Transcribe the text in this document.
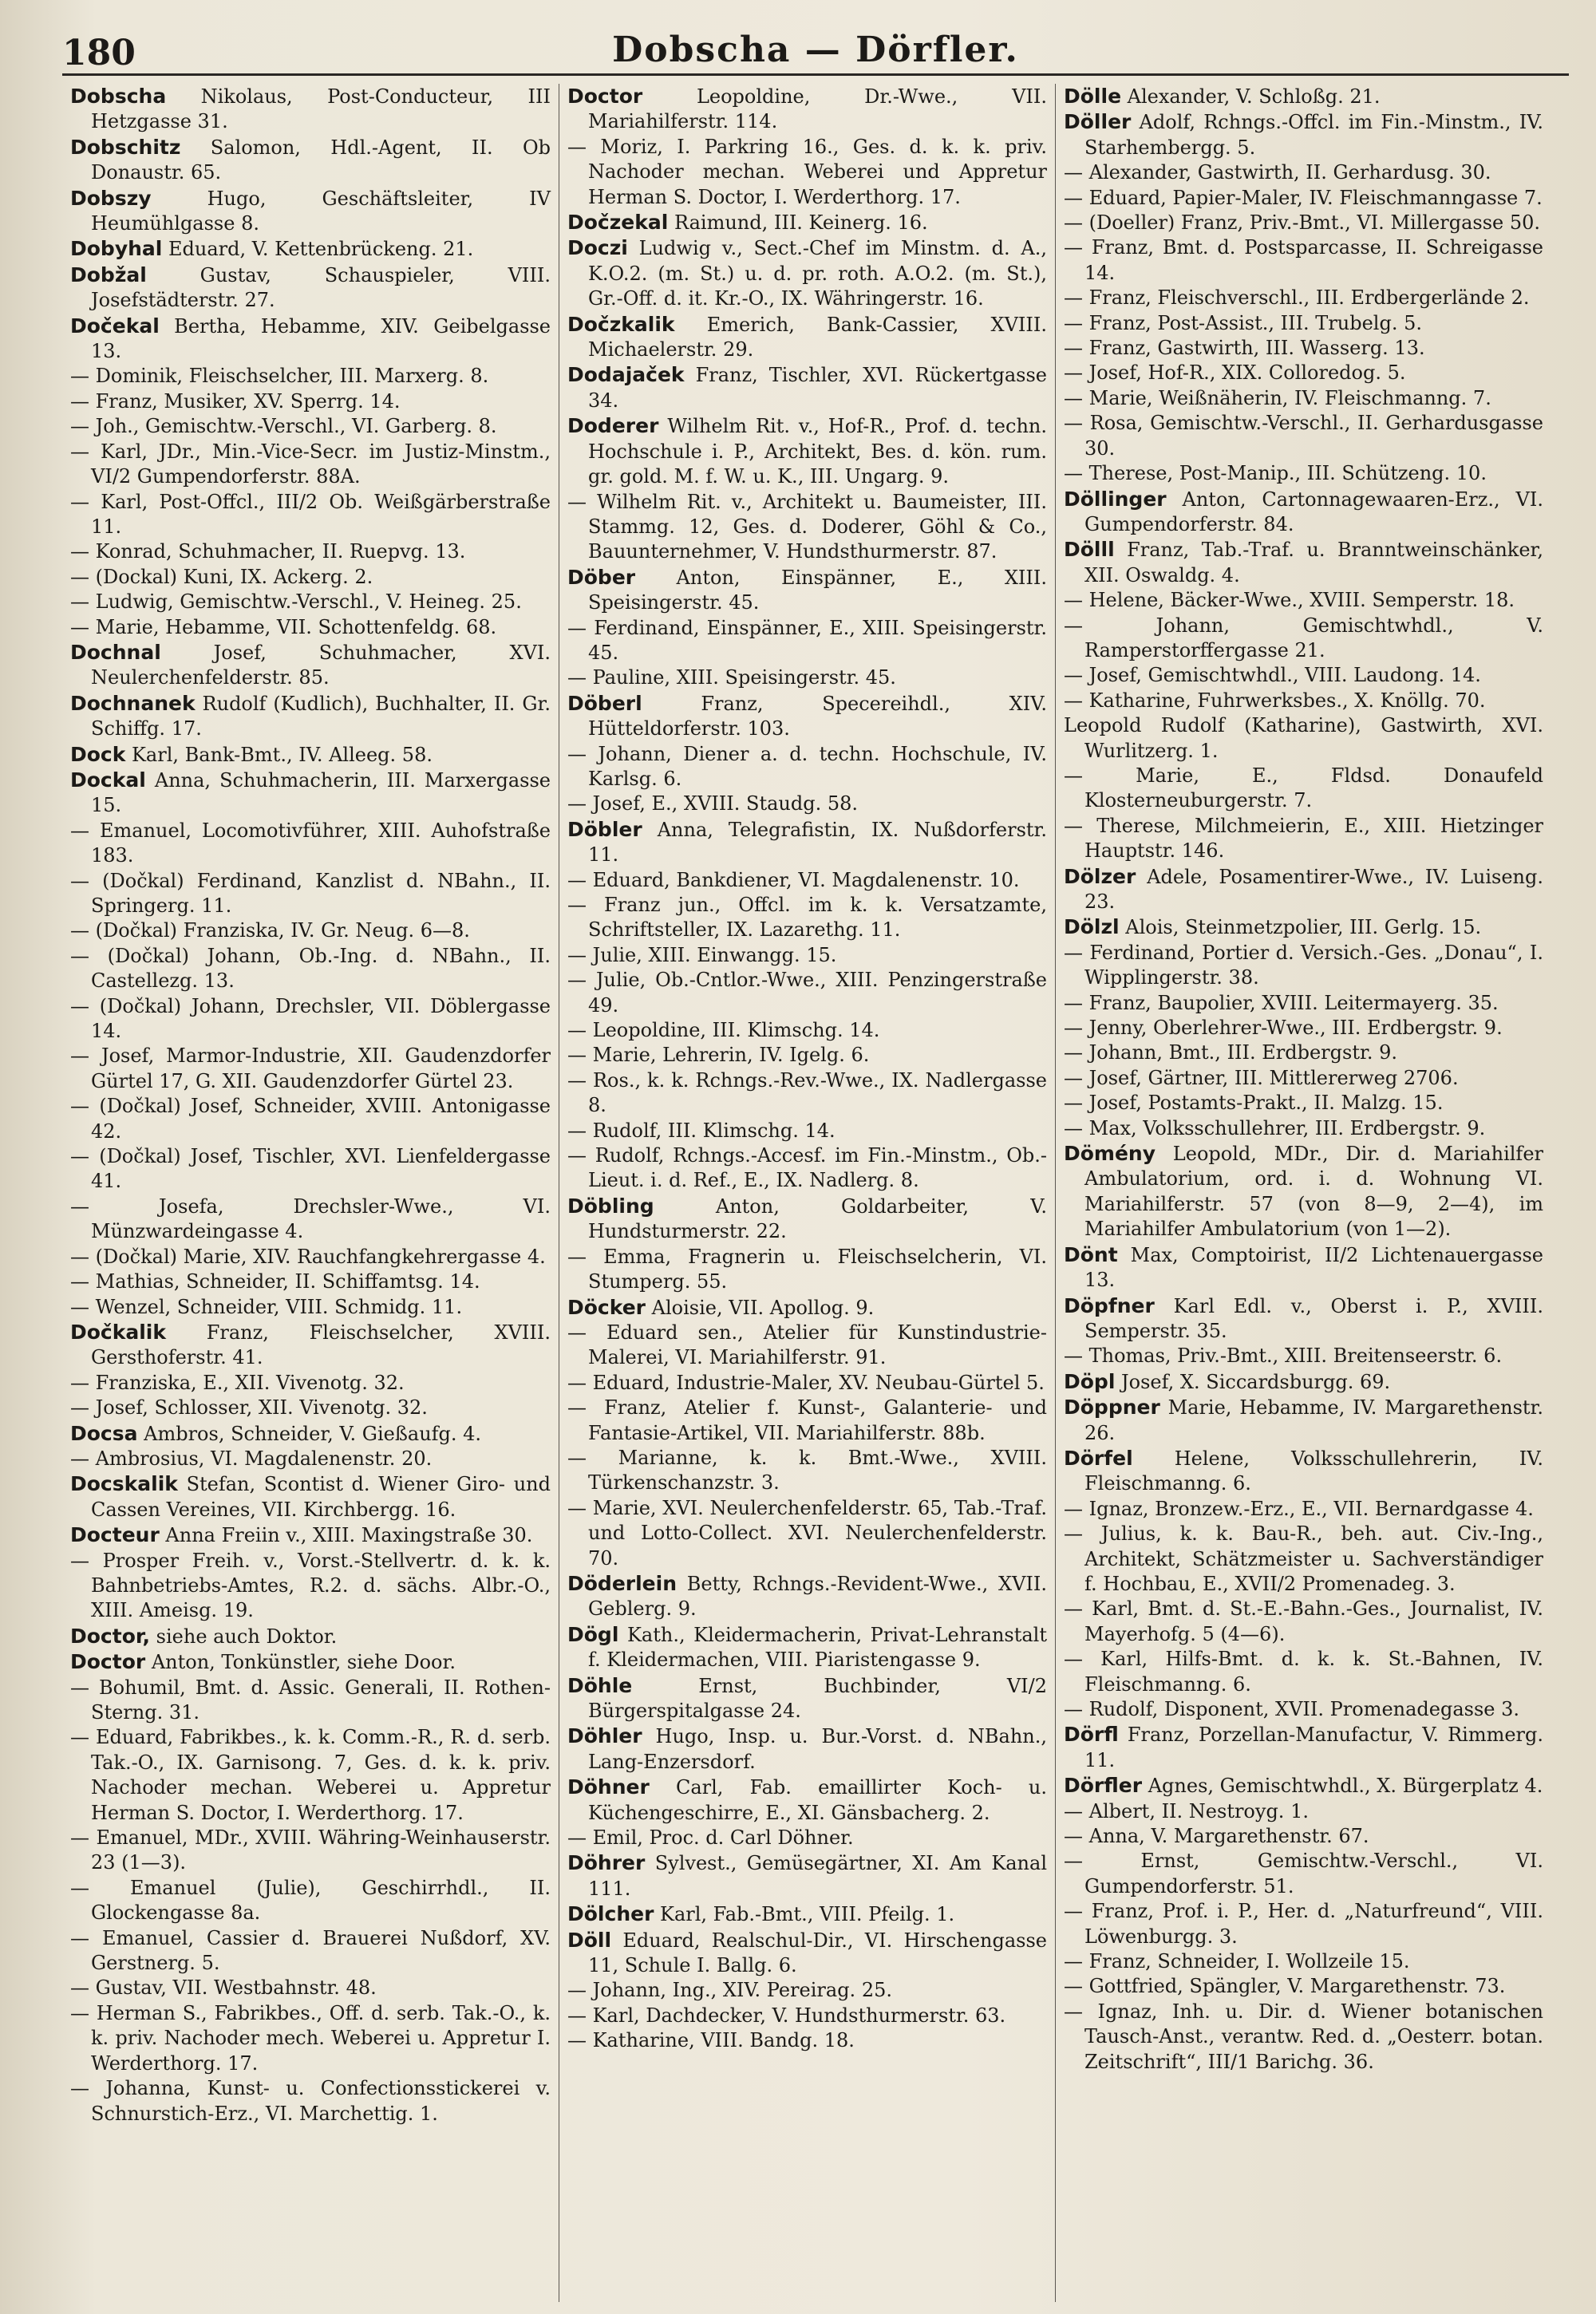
180	Dobscha — Dörfler.
Dobscha Nikolaus, Post-Conducteur, III Hetzgasse 31.
Dobschitz Salomon, Hdl.-Agent, II. Ob Donaustr. 65.
Dobszy Hugo, Geschäftsleiter, IV Heumühlgasse 8.
Dobyhal Eduard, V. Kettenbrückeng. 21.
Dobžal Gustav, Schauspieler, VIII. Josefstädterstr. 27.
Dočekal Bertha, Hebamme, XIV. Geibelgasse 13.
— Dominik, Fleischselcher, III. Marxerg. 8.
— Franz, Musiker, XV. Sperrg. 14.
— Joh., Gemischtw.-Verschl., VI. Garberg. 8.
— Karl, JDr., Min.-Vice-Secr. im Justiz-Minstm., VI/2 Gumpendorferstr. 88A.
— Karl, Post-Offcl., III/2 Ob. Weißgärberstraße 11.
— Konrad, Schuhmacher, II. Ruepvg. 13.
— (Dockal) Kuni, IX. Ackerg. 2.
— Ludwig, Gemischtw.-Verschl., V. Heineg. 25.
— Marie, Hebamme, VII. Schottenfeldg. 68.
Dochnal Josef, Schuhmacher, XVI. Neulerchenfelderstr. 85.
Dochnanek Rudolf (Kudlich), Buchhalter, II. Gr. Schiffg. 17.
Dock Karl, Bank-Bmt., IV. Alleeg. 58.
Dockal Anna, Schuhmacherin, III. Marxergasse 15.
— Emanuel, Locomotivführer, XIII. Auhofstraße 183.
— (Dočkal) Ferdinand, Kanzlist d. NBahn., II. Springerg. 11.
— (Dočkal) Franziska, IV. Gr. Neug. 6—8.
— (Dočkal) Johann, Ob.-Ing. d. NBahn., II. Castellezg. 13.
— (Dočkal) Johann, Drechsler, VII. Döblergasse 14.
— Josef, Marmor-Industrie, XII. Gaudenzdorfer Gürtel 17, G. XII. Gaudenzdorfer Gürtel 23.
— (Dočkal) Josef, Schneider, XVIII. Antonigasse 42.
— (Dočkal) Josef, Tischler, XVI. Lienfeldergasse 41.
— Josefa, Drechsler-Wwe., VI. Münzwardeingasse 4.
— (Dočkal) Marie, XIV. Rauchfangkehrergasse 4.
— Mathias, Schneider, II. Schiffamtsg. 14.
— Wenzel, Schneider, VIII. Schmidg. 11.
Dočkalik Franz, Fleischselcher, XVIII. Gersthoferstr. 41.
— Franziska, E., XII. Vivenotg. 32.
— Josef, Schlosser, XII. Vivenotg. 32.
Docsa Ambros, Schneider, V. Gießaufg. 4.
— Ambrosius, VI. Magdalenenstr. 20.
Docskalik Stefan, Scontist d. Wiener Giro- und Cassen Vereines, VII. Kirchbergg. 16.
Docteur Anna Freiin v., XIII. Maxingstraße 30.
— Prosper Freih. v., Vorst.-Stellvertr. d. k. k. Bahnbetriebs-Amtes, R.2. d. sächs. Albr.-O., XIII. Ameisg. 19.
Doctor, siehe auch Doktor.
Doctor Anton, Tonkünstler, siehe Door.
— Bohumil, Bmt. d. Assic. Generali, II. Rothen-Sterng. 31.
— Eduard, Fabrikbes., k. k. Comm.-R., R. d. serb. Tak.-O., IX. Garnisong. 7, Ges. d. k. k. priv. Nachoder mechan. Weberei u. Appretur Herman S. Doctor, I. Werderthorg. 17.
— Emanuel, MDr., XVIII. Währing-Weinhauserstr. 23 (1—3).
— Emanuel (Julie), Geschirrhdl., II. Glockengasse 8a.
— Emanuel, Cassier d. Brauerei Nußdorf, XV. Gerstnerg. 5.
— Gustav, VII. Westbahnstr. 48.
— Herman S., Fabrikbes., Off. d. serb. Tak.-O., k. k. priv. Nachoder mech. Weberei u. Appretur I. Werderthorg. 17.
— Johanna, Kunst- u. Confectionsstickerei v. Schnurstich-Erz., VI. Marchettig. 1.
Doctor Leopoldine, Dr.-Wwe., VII. Mariahilferstr. 114.
— Moriz, I. Parkring 16., Ges. d. k. k. priv. Nachoder mechan. Weberei und Appretur Herman S. Doctor, I. Werderthorg. 17.
Dočzekal Raimund, III. Keinerg. 16.
Doczi Ludwig v., Sect.-Chef im Minstm. d. A., K.O.2. (m. St.) u. d. pr. roth. A.O.2. (m. St.), Gr.-Off. d. it. Kr.-O., IX. Währingerstr. 16.
Dočzkalik Emerich, Bank-Cassier, XVIII. Michaelerstr. 29.
Dodajaček Franz, Tischler, XVI. Rückertgasse 34.
Doderer Wilhelm Rit. v., Hof-R., Prof. d. techn. Hochschule i. P., Architekt, Bes. d. kön. rum. gr. gold. M. f. W. u. K., III. Ungarg. 9.
— Wilhelm Rit. v., Architekt u. Baumeister, III. Stammg. 12, Ges. d. Doderer, Göhl & Co., Bauunternehmer, V. Hundsthurmerstr. 87.
Döber Anton, Einspänner, E., XIII. Speisingerstr. 45.
— Ferdinand, Einspänner, E., XIII. Speisingerstr. 45.
— Pauline, XIII. Speisingerstr. 45.
Döberl Franz, Specereihdl., XIV. Hütteldorferstr. 103.
— Johann, Diener a. d. techn. Hochschule, IV. Karlsg. 6.
— Josef, E., XVIII. Staudg. 58.
Döbler Anna, Telegrafistin, IX. Nußdorferstr. 11.
— Eduard, Bankdiener, VI. Magdalenenstr. 10.
— Franz jun., Offcl. im k. k. Versatzamte, Schriftsteller, IX. Lazarethg. 11.
— Julie, XIII. Einwangg. 15.
— Julie, Ob.-Cntlor.-Wwe., XIII. Penzingerstraße 49.
— Leopoldine, III. Klimschg. 14.
— Marie, Lehrerin, IV. Igelg. 6.
— Ros., k. k. Rchngs.-Rev.-Wwe., IX. Nadlergasse 8.
— Rudolf, III. Klimschg. 14.
— Rudolf, Rchngs.-Accesf. im Fin.-Minstm., Ob.-Lieut. i. d. Ref., E., IX. Nadlerg. 8.
Döbling Anton, Goldarbeiter, V. Hundsturmerstr. 22.
— Emma, Fragnerin u. Fleischselcherin, VI. Stumperg. 55.
Döcker Aloisie, VII. Apollog. 9.
— Eduard sen., Atelier für Kunstindustrie-Malerei, VI. Mariahilferstr. 91.
— Eduard, Industrie-Maler, XV. Neubau-Gürtel 5.
— Franz, Atelier f. Kunst-, Galanterie- und Fantasie-Artikel, VII. Mariahilferstr. 88b.
— Marianne, k. k. Bmt.-Wwe., XVIII. Türkenschanzstr. 3.
— Marie, XVI. Neulerchenfelderstr. 65, Tab.-Traf. und Lotto-Collect. XVI. Neulerchenfelderstr. 70.
Döderlein Betty, Rchngs.-Revident-Wwe., XVII. Geblerg. 9.
Dögl Kath., Kleidermacherin, Privat-Lehranstalt f. Kleidermachen, VIII. Piaristengasse 9.
Döhle Ernst, Buchbinder, VI/2 Bürgerspitalgasse 24.
Döhler Hugo, Insp. u. Bur.-Vorst. d. NBahn., Lang-Enzersdorf.
Döhner Carl, Fab. emaillirter Koch- u. Küchengeschirre, E., XI. Gänsbacherg. 2.
— Emil, Proc. d. Carl Döhner.
Döhrer Sylvest., Gemüsegärtner, XI. Am Kanal 111.
Dölcher Karl, Fab.-Bmt., VIII. Pfeilg. 1.
Döll Eduard, Realschul-Dir., VI. Hirschengasse 11, Schule I. Ballg. 6.
— Johann, Ing., XIV. Pereirag. 25.
— Karl, Dachdecker, V. Hundsthurmerstr. 63.
— Katharine, VIII. Bandg. 18.
Dölle Alexander, V. Schloßg. 21.
Döller Adolf, Rchngs.-Offcl. im Fin.-Minstm., IV. Starhembergg. 5.
— Alexander, Gastwirth, II. Gerhardusg. 30.
— Eduard, Papier-Maler, IV. Fleischmanngasse 7.
— (Doeller) Franz, Priv.-Bmt., VI. Millergasse 50.
— Franz, Bmt. d. Postsparcasse, II. Schreigasse 14.
— Franz, Fleischverschl., III. Erdbergerlände 2.
— Franz, Post-Assist., III. Trubelg. 5.
— Franz, Gastwirth, III. Wasserg. 13.
— Josef, Hof-R., XIX. Colloredog. 5.
— Marie, Weißnäherin, IV. Fleischmanng. 7.
— Rosa, Gemischtw.-Verschl., II. Gerhardusgasse 30.
— Therese, Post-Manip., III. Schützeng. 10.
Döllinger Anton, Cartonnagewaaren-Erz., VI. Gumpendorferstr. 84.
Dölll Franz, Tab.-Traf. u. Branntweinschänker, XII. Oswaldg. 4.
— Helene, Bäcker-Wwe., XVIII. Semperstr. 18.
— Johann, Gemischtwhdl., V. Ramperstorffergasse 21.
— Josef, Gemischtwhdl., VIII. Laudong. 14.
— Katharine, Fuhrwerksbes., X. Knöllg. 70.
Leopold Rudolf (Katharine), Gastwirth, XVI. Wurlitzerg. 1.
— Marie, E., Fldsd. Donaufeld Klosterneuburgerstr. 7.
— Therese, Milchmeierin, E., XIII. Hietzinger Hauptstr. 146.
Dölzer Adele, Posamentirer-Wwe., IV. Luiseng. 23.
Dölzl Alois, Steinmetzpolier, III. Gerlg. 15.
— Ferdinand, Portier d. Versich.-Ges. „Donau“, I. Wipplingerstr. 38.
— Franz, Baupolier, XVIII. Leitermayerg. 35.
— Jenny, Oberlehrer-Wwe., III. Erdbergstr. 9.
— Johann, Bmt., III. Erdbergstr. 9.
— Josef, Gärtner, III. Mittlererweg 2706.
— Josef, Postamts-Prakt., II. Malzg. 15.
— Max, Volksschullehrer, III. Erdbergstr. 9.
Dömény Leopold, MDr., Dir. d. Mariahilfer Ambulatorium, ord. i. d. Wohnung VI. Mariahilferstr. 57 (von 8—9, 2—4), im Mariahilfer Ambulatorium (von 1—2).
Dönt Max, Comptoirist, II/2 Lichtenauergasse 13.
Döpfner Karl Edl. v., Oberst i. P., XVIII. Semperstr. 35.
— Thomas, Priv.-Bmt., XIII. Breitenseerstr. 6.
Döpl Josef, X. Siccardsburgg. 69.
Döppner Marie, Hebamme, IV. Margarethenstr. 26.
Dörfel Helene, Volksschullehrerin, IV. Fleischmanng. 6.
— Ignaz, Bronzew.-Erz., E., VII. Bernardgasse 4.
— Julius, k. k. Bau-R., beh. aut. Civ.-Ing., Architekt, Schätzmeister u. Sachverständiger f. Hochbau, E., XVII/2 Promenadeg. 3.
— Karl, Bmt. d. St.-E.-Bahn.-Ges., Journalist, IV. Mayerhofg. 5 (4—6).
— Karl, Hilfs-Bmt. d. k. k. St.-Bahnen, IV. Fleischmanng. 6.
— Rudolf, Disponent, XVII. Promenadegasse 3.
Dörfl Franz, Porzellan-Manufactur, V. Rimmerg. 11.
Dörfler Agnes, Gemischtwhdl., X. Bürgerplatz 4.
— Albert, II. Nestroyg. 1.
— Anna, V. Margarethenstr. 67.
— Ernst, Gemischtw.-Verschl., VI. Gumpendorferstr. 51.
— Franz, Prof. i. P., Her. d. „Naturfreund“, VIII. Löwenburgg. 3.
— Franz, Schneider, I. Wollzeile 15.
— Gottfried, Spängler, V. Margarethenstr. 73.
— Ignaz, Inh. u. Dir. d. Wiener botanischen Tausch-Anst., verantw. Red. d. „Oesterr. botan. Zeitschrift“, III/1 Barichg. 36.
